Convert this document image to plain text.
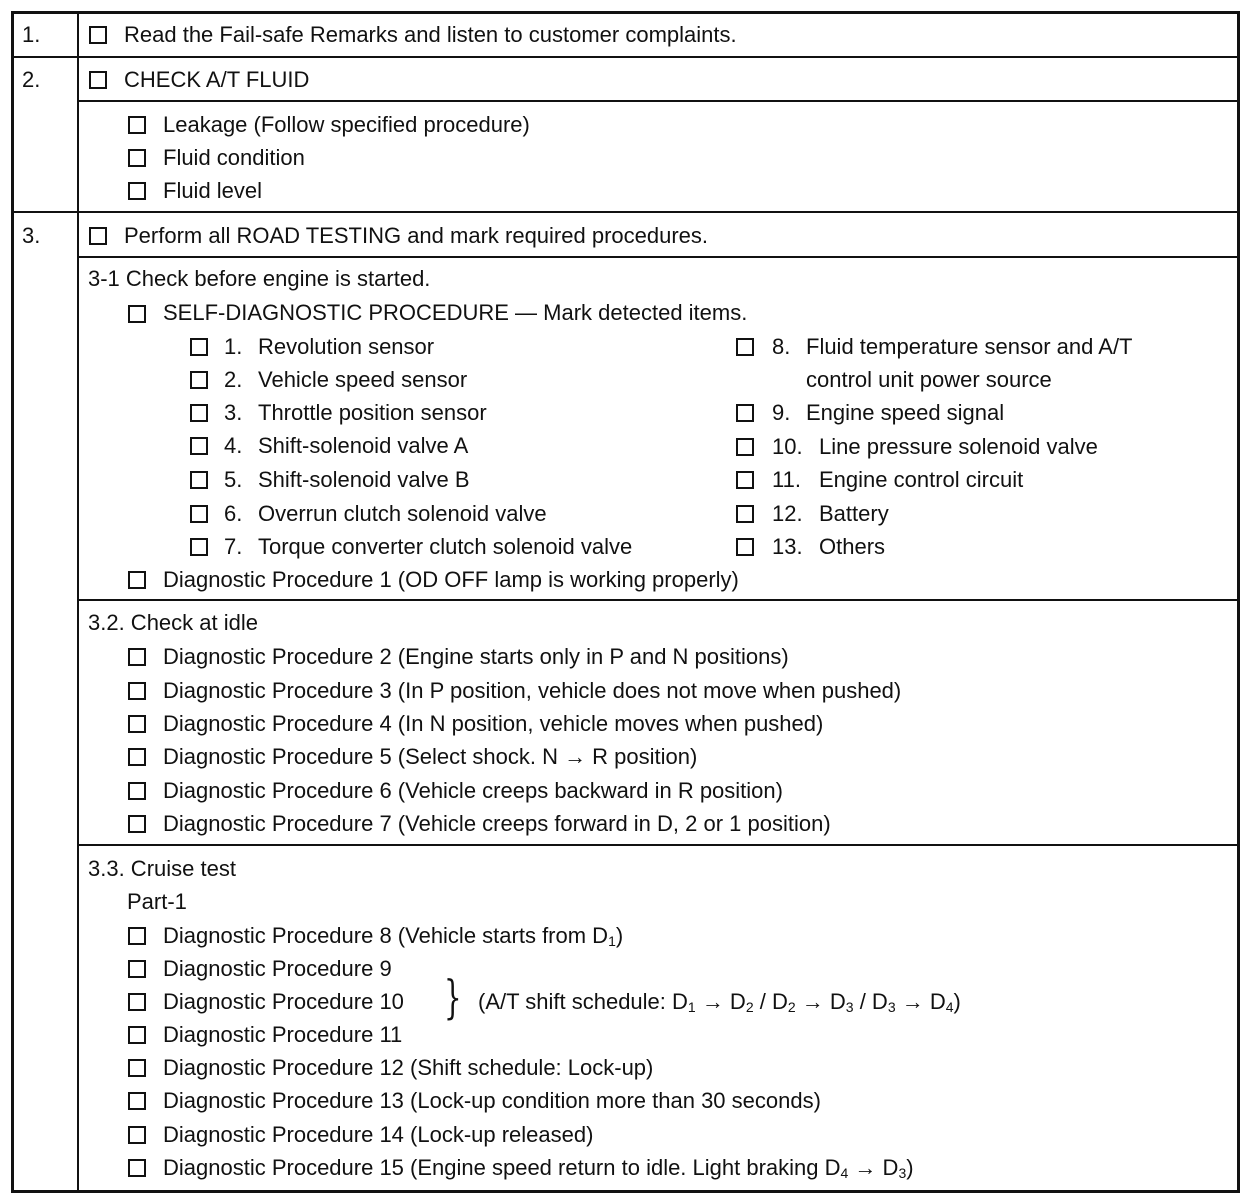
1.	Read the Fail-safe Remarks and listen to customer complaints.
2.	CHECK A/T FLUID
Leakage (Follow specified procedure)
Fluid condition
Fluid level
3.	Perform all ROAD TESTING and mark required procedures.
3-1 Check before engine is started.
SELF-DIAGNOSTIC PROCEDURE — Mark detected items.
1. Revolution sensor
2. Vehicle speed sensor
3. Throttle position sensor
4. Shift-solenoid valve A
5. Shift-solenoid valve B
6. Overrun clutch solenoid valve
7. Torque converter clutch solenoid valve
8. Fluid temperature sensor and A/T
control unit power source
9. Engine speed signal
10. Line pressure solenoid valve
11. Engine control circuit
12. Battery
13. Others
Diagnostic Procedure 1 (OD OFF lamp is working properly)
3.2. Check at idle
Diagnostic Procedure 2 (Engine starts only in P and N positions)
Diagnostic Procedure 3 (In P position, vehicle does not move when pushed)
Diagnostic Procedure 4 (In N position, vehicle moves when pushed)
Diagnostic Procedure 5 (Select shock. N → R position)
Diagnostic Procedure 6 (Vehicle creeps backward in R position)
Diagnostic Procedure 7 (Vehicle creeps forward in D, 2 or 1 position)
3.3. Cruise test
Part-1
Diagnostic Procedure 8 (Vehicle starts from $D_1$)
Diagnostic Procedure 9
Diagnostic Procedure 10
Diagnostic Procedure 11
} (A/T shift schedule: $D_1 \to D_2 / D_2 \to D_3 / D_3 \to D_4$)
Diagnostic Procedure 12 (Shift schedule: Lock-up)
Diagnostic Procedure 13 (Lock-up condition more than 30 seconds)
Diagnostic Procedure 14 (Lock-up released)
Diagnostic Procedure 15 (Engine speed return to idle. Light braking $D_4 \to D_3$)
